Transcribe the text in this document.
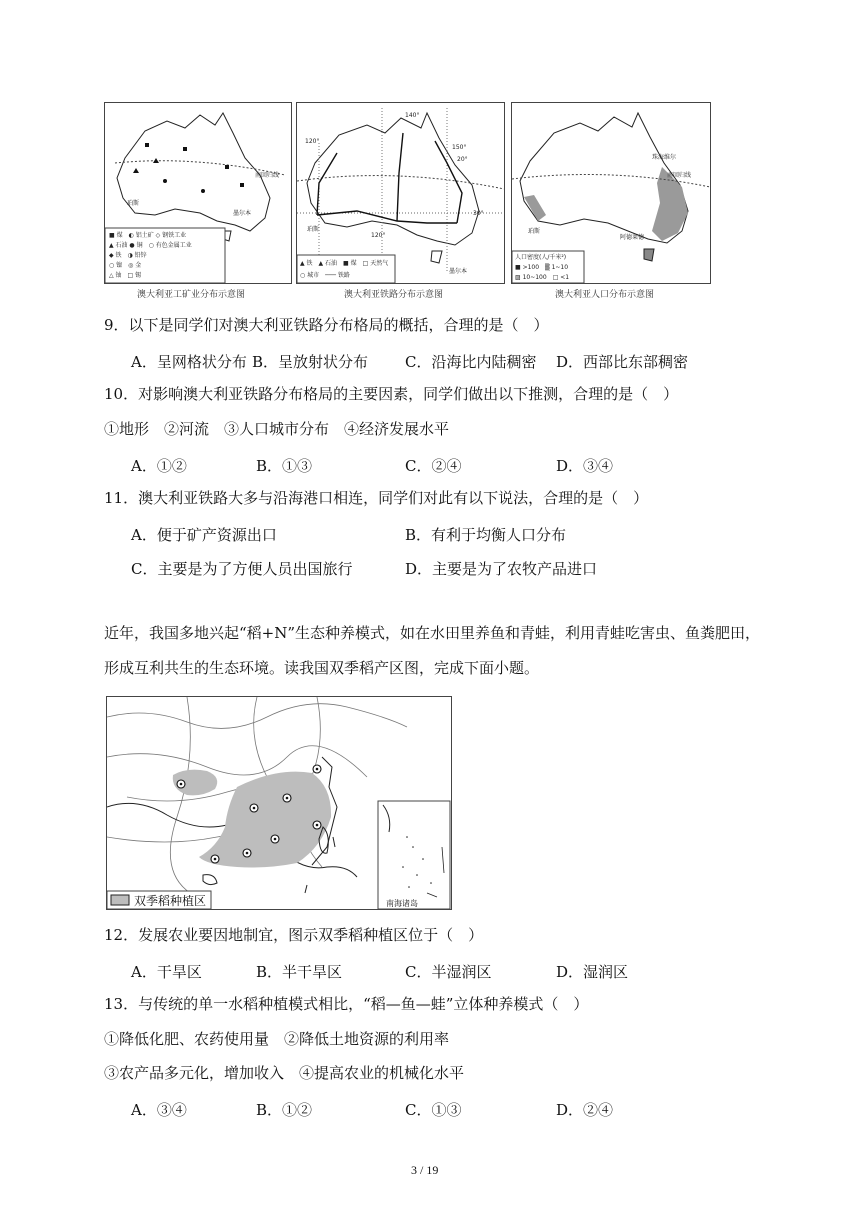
珀斯
南回归线
墨尔本
■ 煤　◐ 铝土矿 ◇ 钢铁工业
▲ 石油 ● 铜　○ 有色金属工业
◆ 铁　◑ 铅锌
○ 镍　◎ 金
△ 铀　□ 锡
澳大利亚工矿业分布示意图
120°
140°
150°
20°
30°
120°
珀斯
墨尔本
▲ 铁　▲ 石油　■ 煤　□ 天然气
○ 城市　─── 铁路
澳大利亚铁路分布示意图
珠海维尔
南回归线
阿德莱德
珀斯
人口密度(人/千米²)
■ >100　▒ 1~10
▨ 10~100　□ <1
澳大利亚人口分布示意图
9．以下是同学们对澳大利亚铁路分布格局的概括，合理的是（　）
A．呈网格状分布 B．呈放射状分布 C．沿海比内陆稠密 D．西部比东部稠密
10．对影响澳大利亚铁路分布格局的主要因素，同学们做出以下推测，合理的是（　）
①地形　②河流　③人口城市分布　④经济发展水平
A．①②	B．①③	C．②④	D．③④
11．澳大利亚铁路大多与沿海港口相连，同学们对此有以下说法，合理的是（　）
A．便于矿产资源出口	B．有利于均衡人口分布
C．主要是为了方便人员出国旅行	D．主要是为了农牧产品进口
近年，我国多地兴起“稻+N”生态种养模式，如在水田里养鱼和青蛙，利用青蛙吃害虫、鱼粪肥田，
形成互利共生的生态环境。读我国双季稻产区图，完成下面小题。
双季稻种植区	南海诸岛
12．发展农业要因地制宜，图示双季稻种植区位于（　）
A．干旱区	B．半干旱区	C．半湿润区	D．湿润区
13．与传统的单一水稻种植模式相比，“稻—鱼—蛙”立体种养模式（　）
①降低化肥、农药使用量　②降低土地资源的利用率
③农产品多元化，增加收入　④提高农业的机械化水平
A．③④	B．①②	C．①③	D．②④
3 / 19
